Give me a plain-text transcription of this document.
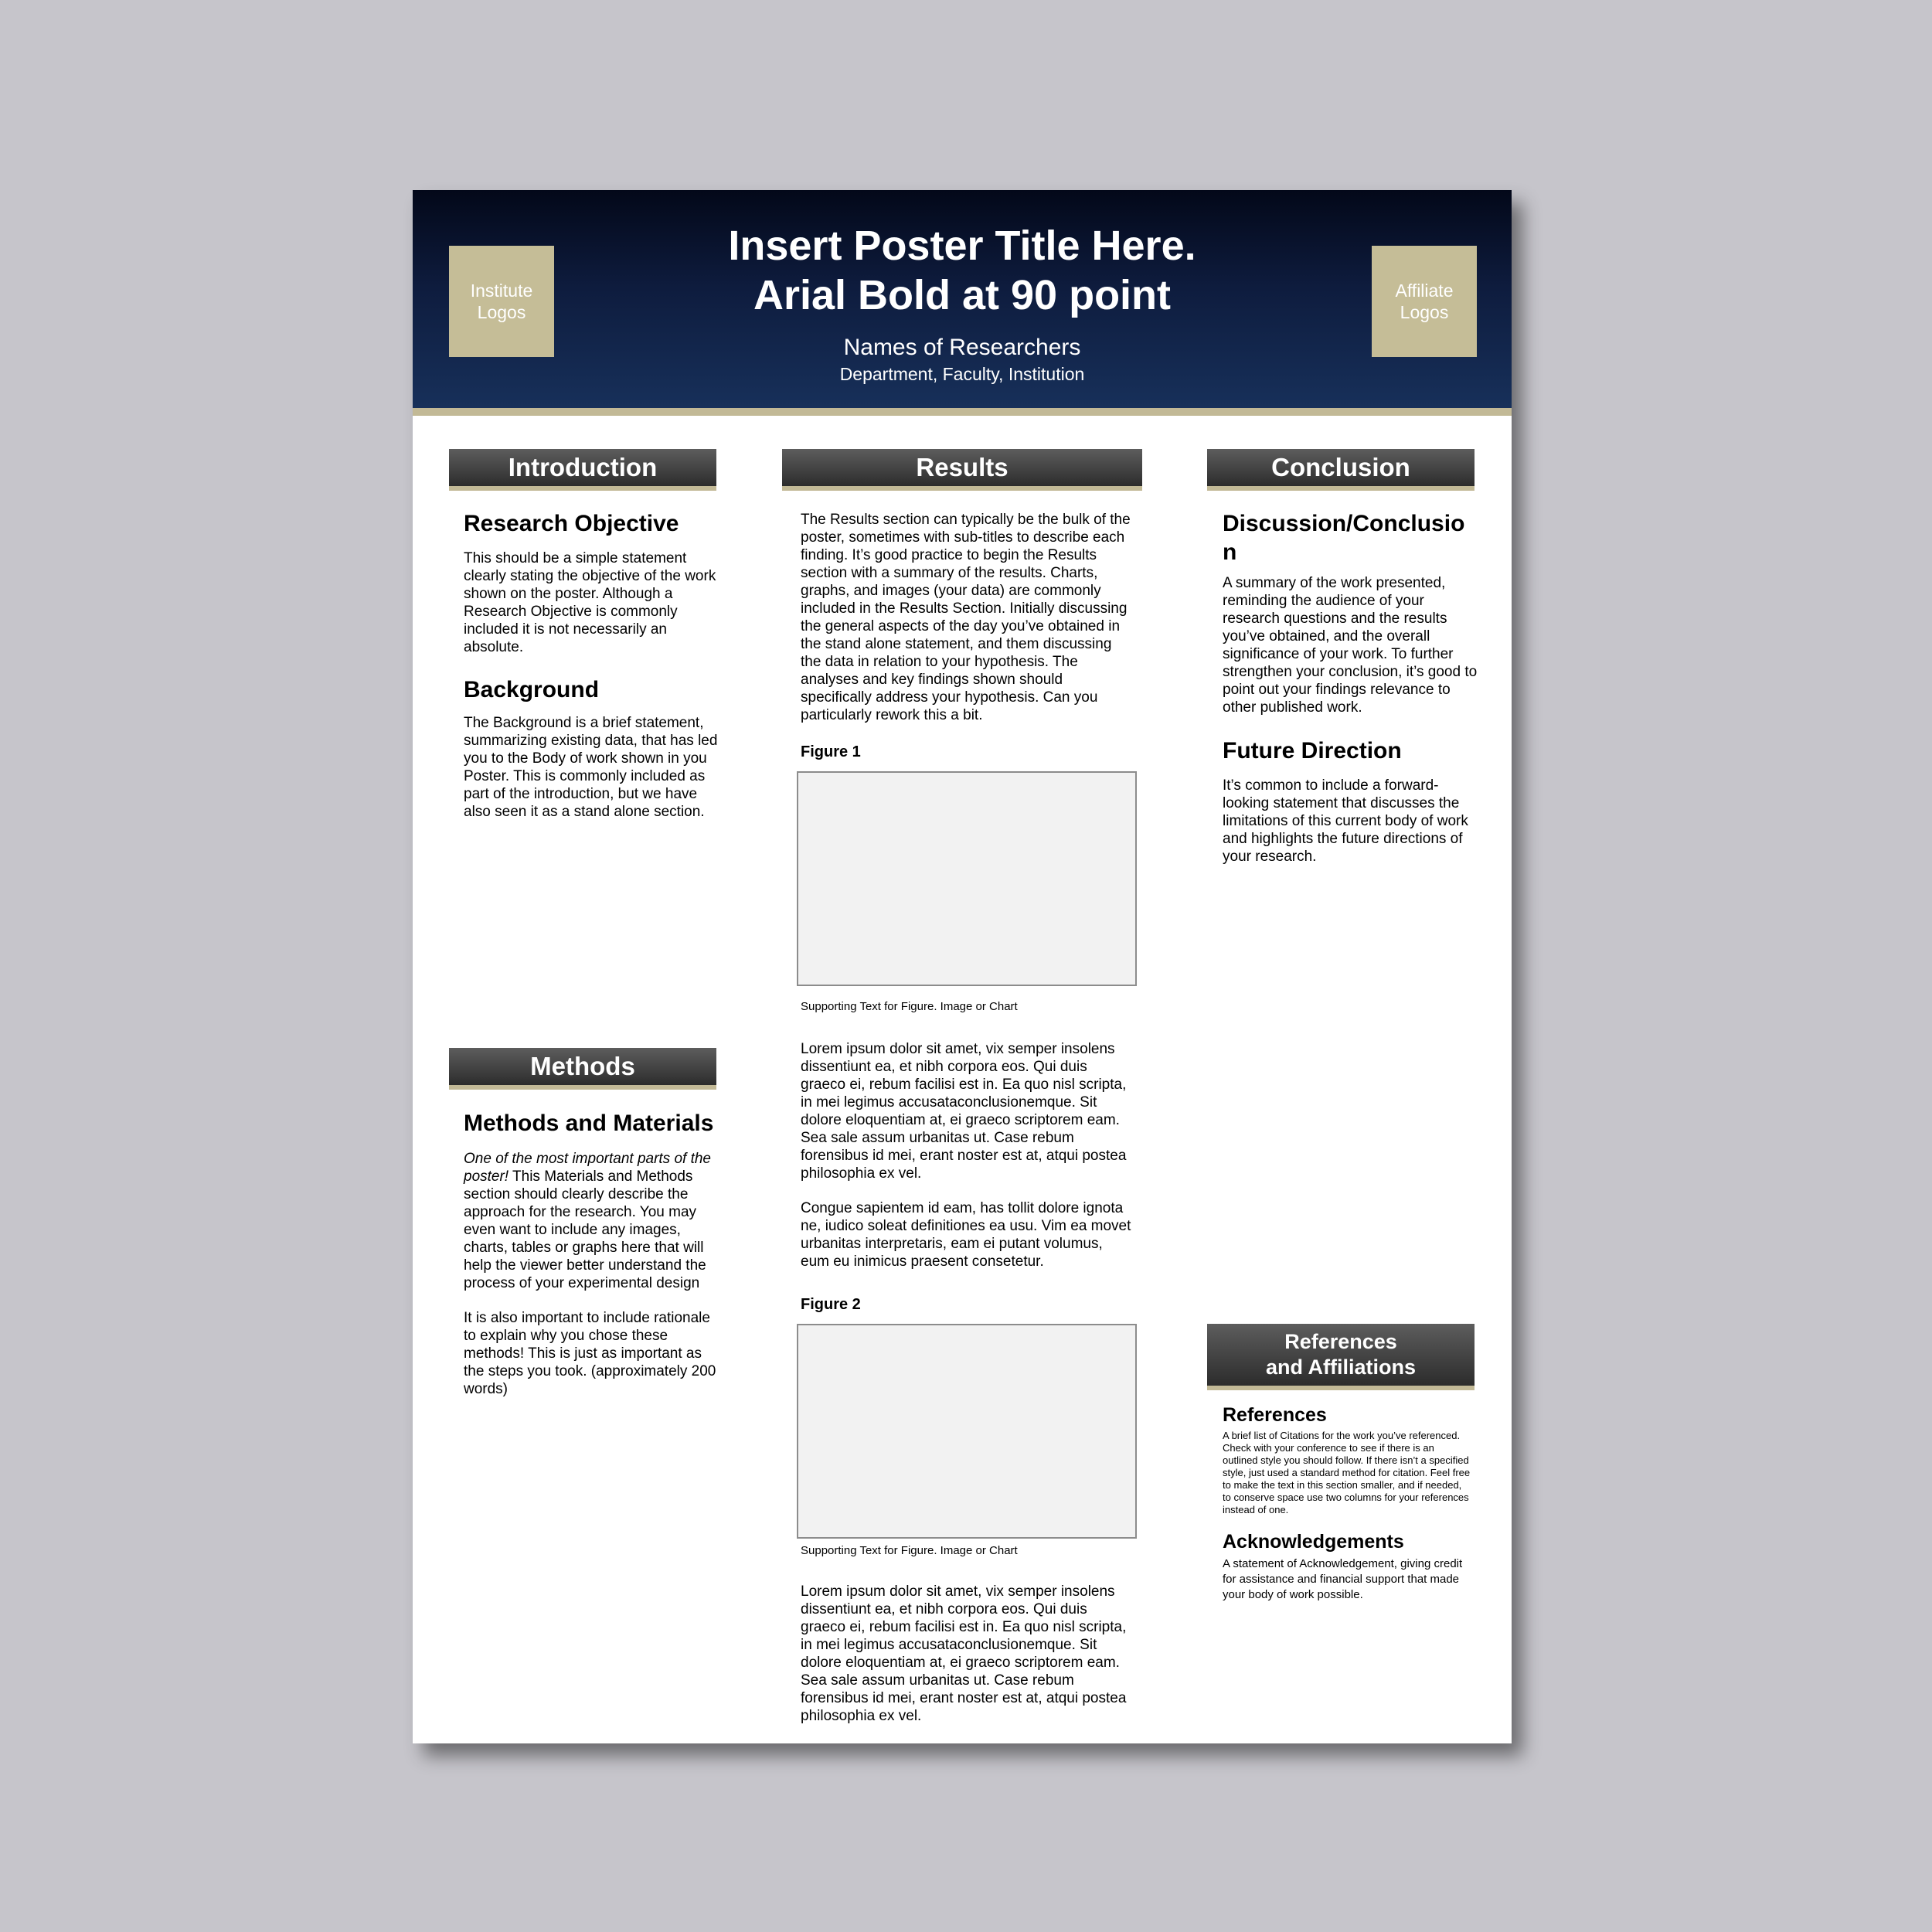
Institute
Logos
Insert Poster Title Here.
Arial Bold at 90 point
Names of Researchers
Department, Faculty, Institution
Affiliate
Logos
Introduction
Research Objective

This should be a simple statement clearly stating the objective of the work shown on the poster. Although a Research Objective is commonly included it is not necessarily an absolute.

Background

The Background is a brief statement, summarizing existing data, that has led you to the Body of work shown in you Poster. This is commonly included as part of the introduction, but we have also seen it as a stand alone section.

Methods
Methods and Materials

One of the most important parts of the poster! This Materials and Methods section should clearly describe the approach for the research. You may even want to include any images, charts, tables or graphs here that will help the viewer better understand the process of your experimental design

It is also important to include rationale to explain why you chose these methods! This is just as important as the steps you took. (approximately 200 words)

Results

The Results section can typically be the bulk of the poster, sometimes with sub-titles to describe each finding. It’s good practice to begin the Results section with a summary of the results. Charts, graphs, and images (your data) are commonly included in the Results Section. Initially discussing the general aspects of the day you’ve obtained in the stand alone statement, and them discussing the data in relation to your hypothesis. The analyses and key findings shown should specifically address your hypothesis. Can you particularly rework this a bit.

Figure 1
Supporting Text for Figure. Image or Chart

Lorem ipsum dolor sit amet, vix semper insolens dissentiunt ea, et nibh corpora eos. Qui duis graeco ei, rebum facilisi est in. Ea quo nisl scripta, in mei legimus accusataconclusionemque. Sit dolore eloquentiam at, ei graeco scriptorem eam. Sea sale assum urbanitas ut. Case rebum forensibus id mei, erant noster est at, atqui postea philosophia ex vel.

Congue sapientem id eam, has tollit dolore ignota ne, iudico soleat definitiones ea usu. Vim ea movet urbanitas interpretaris, eam ei putant volumus, eum eu inimicus praesent consetetur.

Figure 2
Supporting Text for Figure. Image or Chart

Lorem ipsum dolor sit amet, vix semper insolens dissentiunt ea, et nibh corpora eos. Qui duis graeco ei, rebum facilisi est in. Ea quo nisl scripta, in mei legimus accusataconclusionemque. Sit dolore eloquentiam at, ei graeco scriptorem eam. Sea sale assum urbanitas ut. Case rebum forensibus id mei, erant noster est at, atqui postea philosophia ex vel.

Conclusion
Discussion/Conclusio
n

A summary of the work presented, reminding the audience of your research questions and the results you’ve obtained, and the overall significance of your work. To further strengthen your conclusion, it’s good to point out your findings relevance to other published work.

Future Direction

It’s common to include a forward-looking statement that discusses the limitations of this current body of work and highlights the future directions of your research.

References
and Affiliations
References

A brief list of Citations for the work you’ve referenced. Check with your conference to see if there is an outlined style you should follow. If there isn’t a specified style, just used a standard method for citation. Feel free to make the text in this section smaller, and if needed, to conserve space use two columns for your references instead of one.

Acknowledgements

A statement of Acknowledgement, giving credit for assistance and financial support that made your body of work possible.
